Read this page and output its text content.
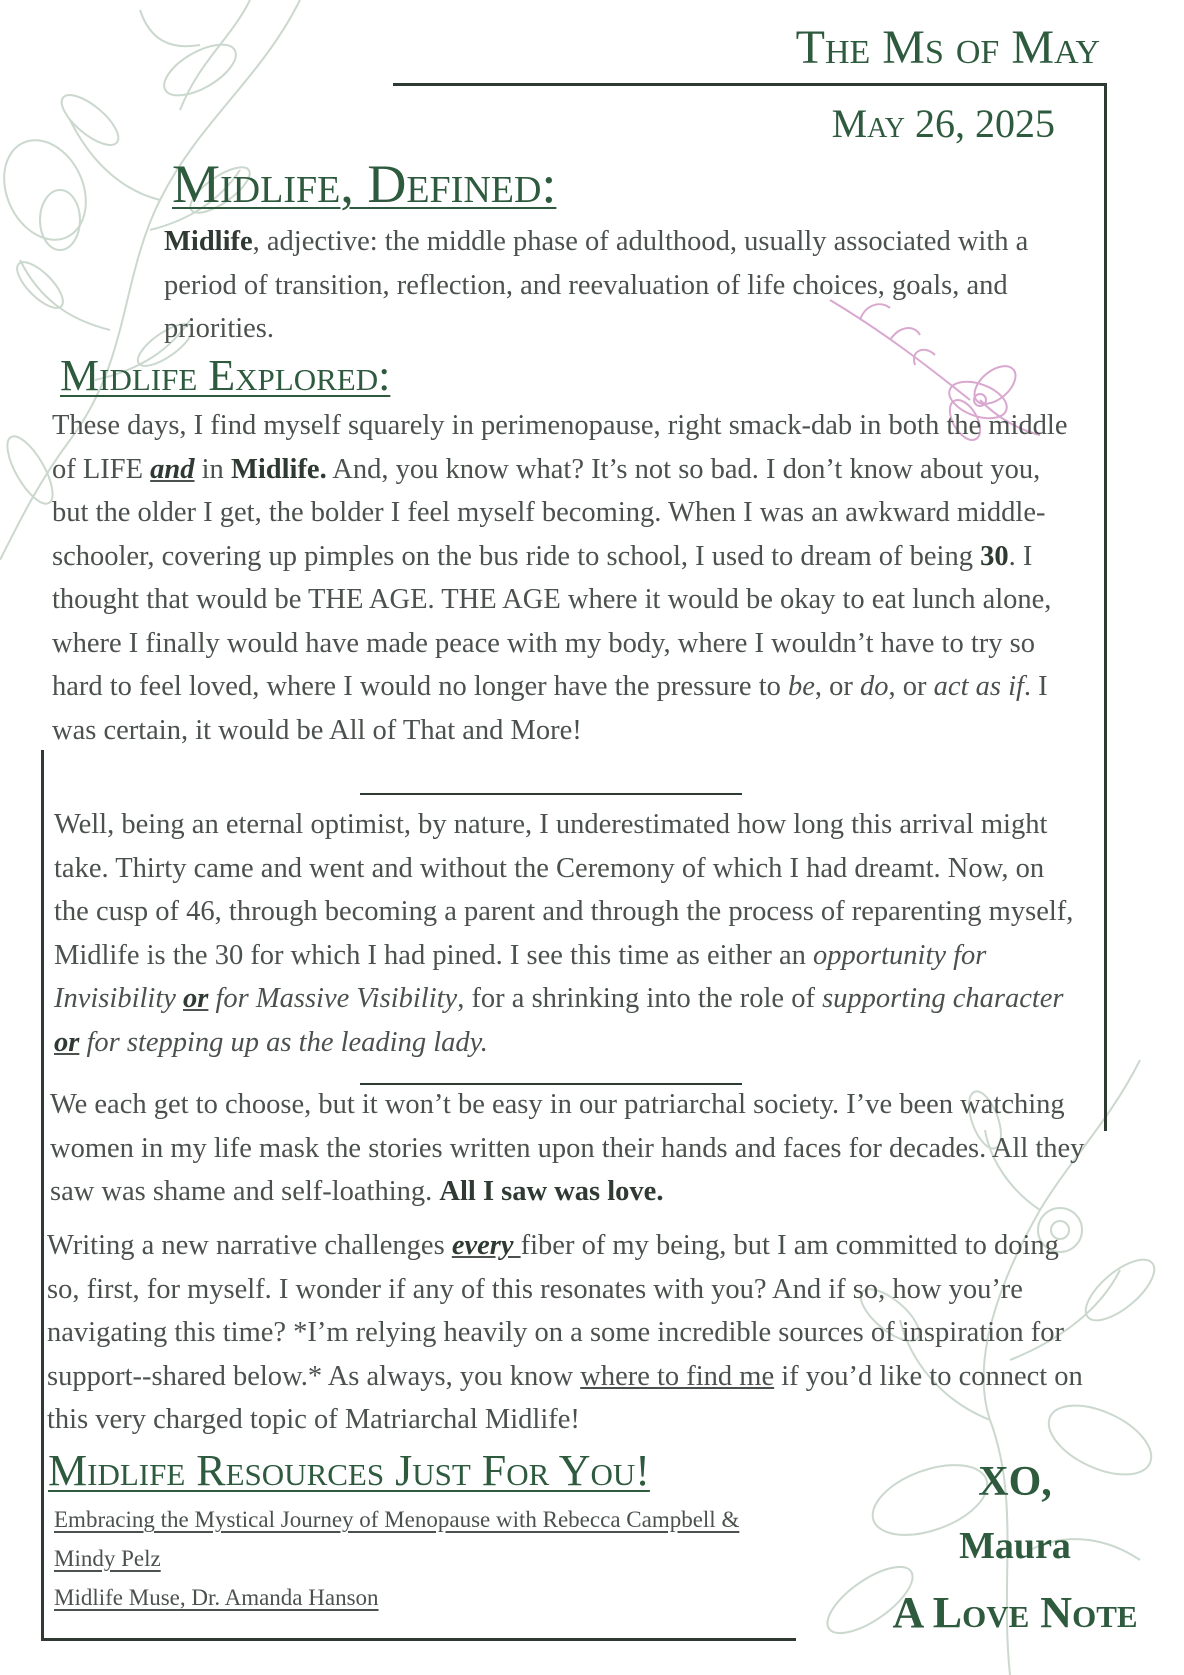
The Ms of May
May 26, 2025
Midlife, Defined:
Midlife, adjective: the middle phase of adulthood, usually associated with a period of transition, reflection, and reevaluation of life choices, goals, and priorities.
Midlife Explored:
These days, I find myself squarely in perimenopause, right smack-dab in both the middle of LIFE and in Midlife. And, you know what? It’s not so bad. I don’t know about you, but the older I get, the bolder I feel myself becoming. When I was an awkward middle-schooler, covering up pimples on the bus ride to school, I used to dream of being 30. I thought that would be THE AGE. THE AGE where it would be okay to eat lunch alone, where I finally would have made peace with my body, where I wouldn’t have to try so hard to feel loved, where I would no longer have the pressure to be, or do, or act as if. I was certain, it would be All of That and More!
Well, being an eternal optimist, by nature, I underestimated how long this arrival might take. Thirty came and went and without the Ceremony of which I had dreamt. Now, on the cusp of 46, through becoming a parent and through the process of reparenting myself, Midlife is the 30 for which I had pined. I see this time as either an opportunity for Invisibility or for Massive Visibility, for a shrinking into the role of supporting character or for stepping up as the leading lady.
We each get to choose, but it won’t be easy in our patriarchal society. I’ve been watching women in my life mask the stories written upon their hands and faces for decades. All they saw was shame and self-loathing. All I saw was love.
Writing a new narrative challenges every fiber of my being, but I am committed to doing so, first, for myself. I wonder if any of this resonates with you? And if so, how you’re navigating this time? *I’m relying heavily on a some incredible sources of inspiration for support--shared below.* As always, you know where to find me if you’d like to connect on this very charged topic of Matriarchal Midlife!
Midlife Resources Just For You!
Embracing the Mystical Journey of Menopause with Rebecca Campbell & Mindy Pelz
Midlife Muse, Dr. Amanda Hanson
XO,
Maura
A Love Note
